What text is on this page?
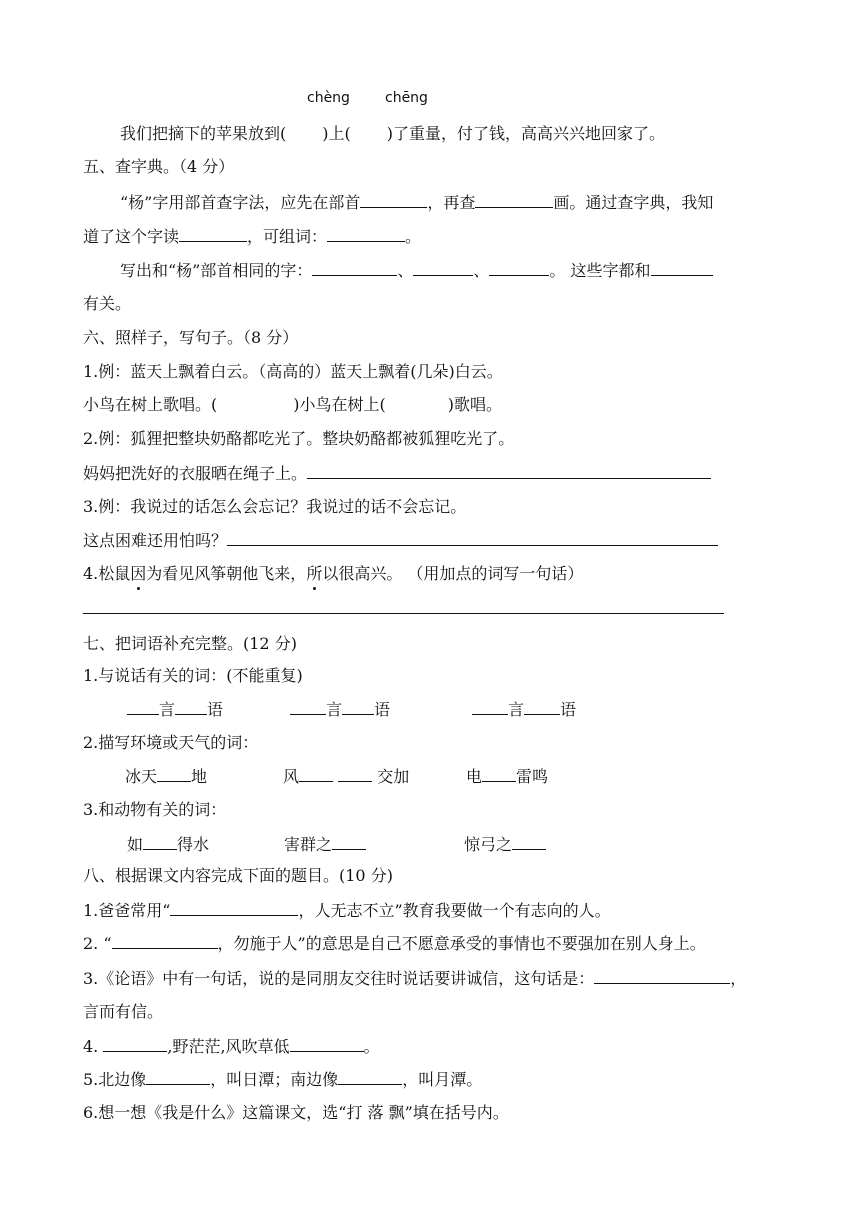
chèng	chēng
我们把摘下的苹果放到( )上( )了重量，付了钱，高高兴兴地回家了。
五、查字典。（4 分）
“杨”字用部首查字法，应先在部首	，再查	画。通过查字典，我知
道了这个字读	，可组词：	。
写出和“杨”部首相同的字：	、	、	。 这些字都和
有关。
六、照样子，写句子。（8 分）
1.例：蓝天上飘着白云。（高高的）蓝天上飘着(几朵)白云。
小鸟在树上歌唱。(	)小鸟在树上(	)歌唱。
2.例：狐狸把整块奶酪都吃光了。整块奶酪都被狐狸吃光了。
妈妈把洗好的衣服晒在绳子上。
3.例：我说过的话怎么会忘记？我说过的话不会忘记。
这点困难还用怕吗？
4.松鼠因为看见风筝朝他飞来，所以很高兴。 （用加点的词写一句话）
七、把词语补充完整。(12 分)
1.与说话有关的词：(不能重复)
言 语	言 语	言 语
2.描写环境或天气的词：
冰天 地	风	交加	电 雷鸣
3.和动物有关的词：
如 得水	害群之	惊弓之
八、根据课文内容完成下面的题目。(10 分)
1.爸爸常用“	，人无志不立”教育我要做一个有志向的人。
2. “	，勿施于人”的意思是自己不愿意承受的事情也不要强加在别人身上。
3.《论语》中有一句话，说的是同朋友交往时说话要讲诚信，这句话是：	，
言而有信。
4.	,野茫茫,风吹草低	。
5.北边像	，叫日潭；南边像	，叫月潭。
6.想一想《我是什么》这篇课文，选“打 落 飘”填在括号内。
